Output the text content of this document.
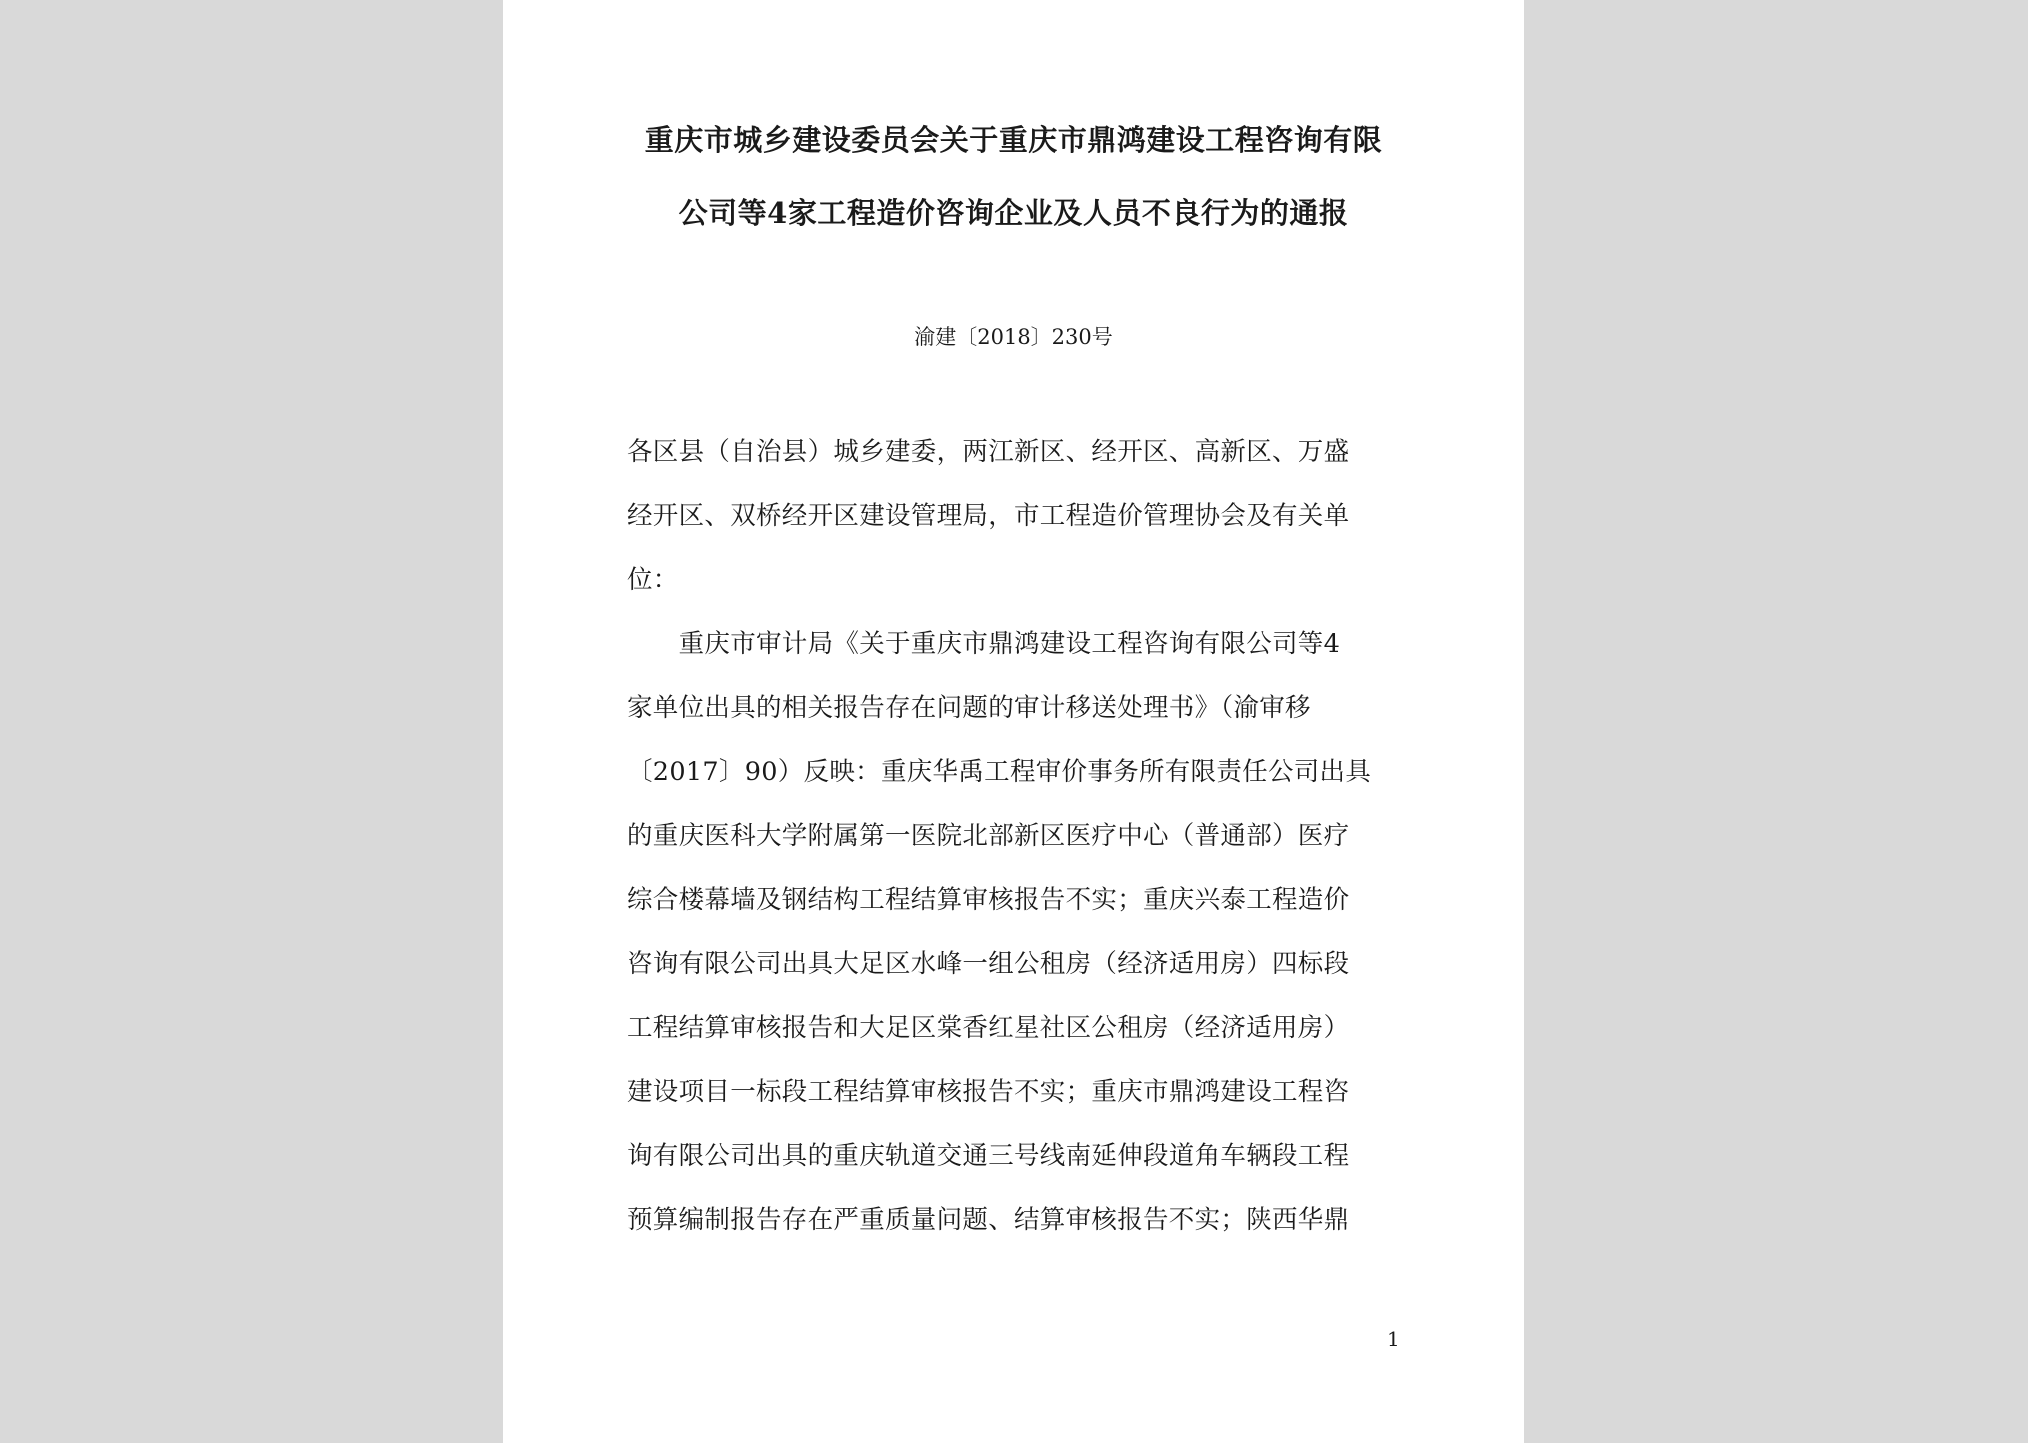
重庆市城乡建设委员会关于重庆市鼎鸿建设工程咨询有限
公司等4家工程造价咨询企业及人员不良行为的通报
渝建〔2018〕230号
各区县（自治县）城乡建委，两江新区、经开区、高新区、万盛
经开区、双桥经开区建设管理局，市工程造价管理协会及有关单
位：
　　重庆市审计局《关于重庆市鼎鸿建设工程咨询有限公司等4
家单位出具的相关报告存在问题的审计移送处理书》（渝审移
〔2017〕90）反映：重庆华禹工程审价事务所有限责任公司出具
的重庆医科大学附属第一医院北部新区医疗中心（普通部）医疗
综合楼幕墙及钢结构工程结算审核报告不实；重庆兴泰工程造价
咨询有限公司出具大足区水峰一组公租房（经济适用房）四标段
工程结算审核报告和大足区棠香红星社区公租房（经济适用房）
建设项目一标段工程结算审核报告不实；重庆市鼎鸿建设工程咨
询有限公司出具的重庆轨道交通三号线南延伸段道角车辆段工程
预算编制报告存在严重质量问题、结算审核报告不实；陕西华鼎
1
